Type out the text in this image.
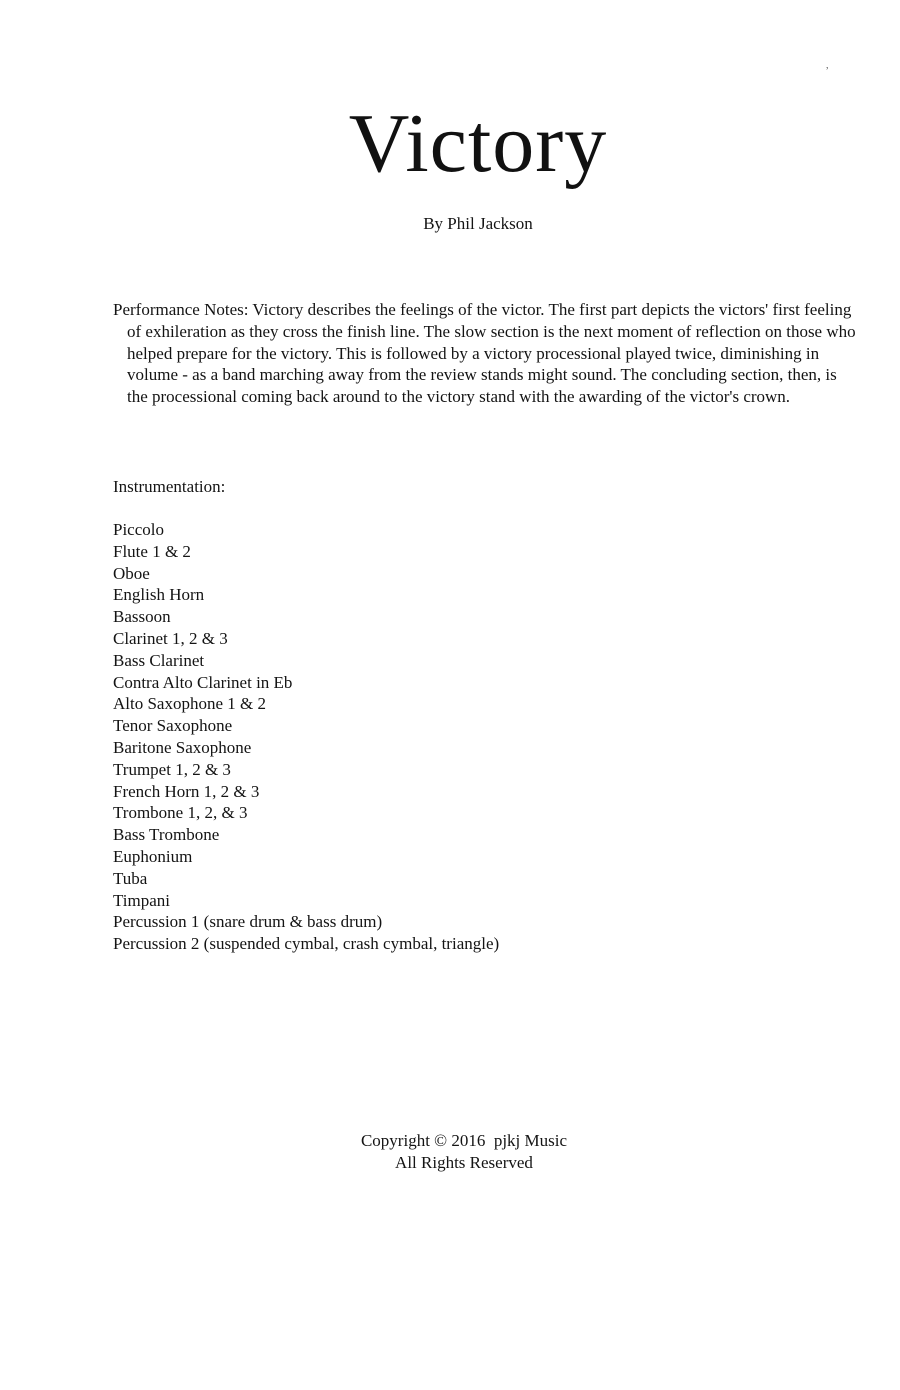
,
Victory
By Phil Jackson
Performance Notes: Victory describes the feelings of the victor. The first part depicts the victors' first feeling of exhileration as they cross the finish line. The slow section is the next moment of reflection on those who helped prepare for the victory. This is followed by a victory processional played twice, diminishing in volume - as a band marching away from the review stands might sound. The concluding section, then, is the processional coming back around to the victory stand with the awarding of the victor's crown.
Instrumentation:
Piccolo
Flute 1 & 2
Oboe
English Horn
Bassoon
Clarinet 1, 2 & 3
Bass Clarinet
Contra Alto Clarinet in Eb
Alto Saxophone 1 & 2
Tenor Saxophone
Baritone Saxophone
Trumpet 1, 2 & 3
French Horn 1, 2 & 3
Trombone 1, 2, & 3
Bass Trombone
Euphonium
Tuba
Timpani
Percussion 1 (snare drum & bass drum)
Percussion 2 (suspended cymbal, crash cymbal, triangle)
Copyright © 2016  pjkj Music
All Rights Reserved
